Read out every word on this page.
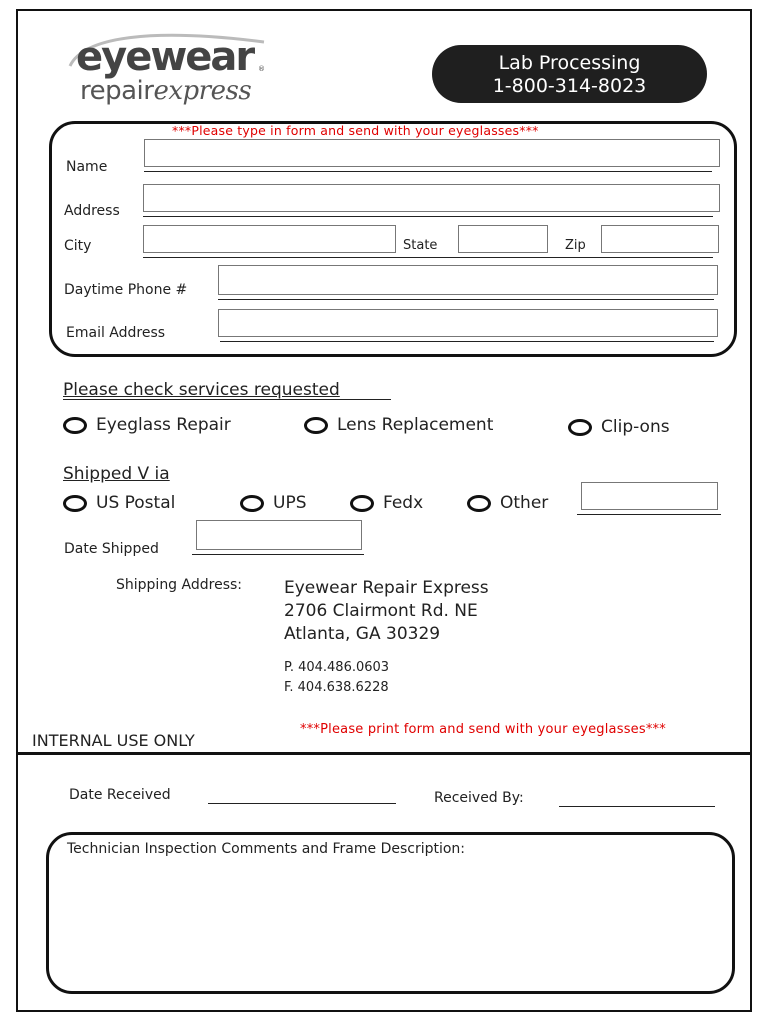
eyewear ®
repairexpress
Lab Processing
1-800-314-8023
***Please type in form and send with your eyeglasses***
Name
Address
City	State	Zip
Daytime Phone #
Email Address
Please check services requested
Eyeglass Repair	Lens Replacement	Clip-ons
Shipped V ia
US Postal	UPS	Fedx	Other
Date Shipped
Shipping Address: Eyewear Repair Express
2706 Clairmont Rd. NE
Atlanta, GA 30329
P. 404.486.0603
F. 404.638.6228
INTERNAL USE ONLY
***Please print form and send with your eyeglasses***
Date Received	Received By:
Technician Inspection Comments and Frame Description:
